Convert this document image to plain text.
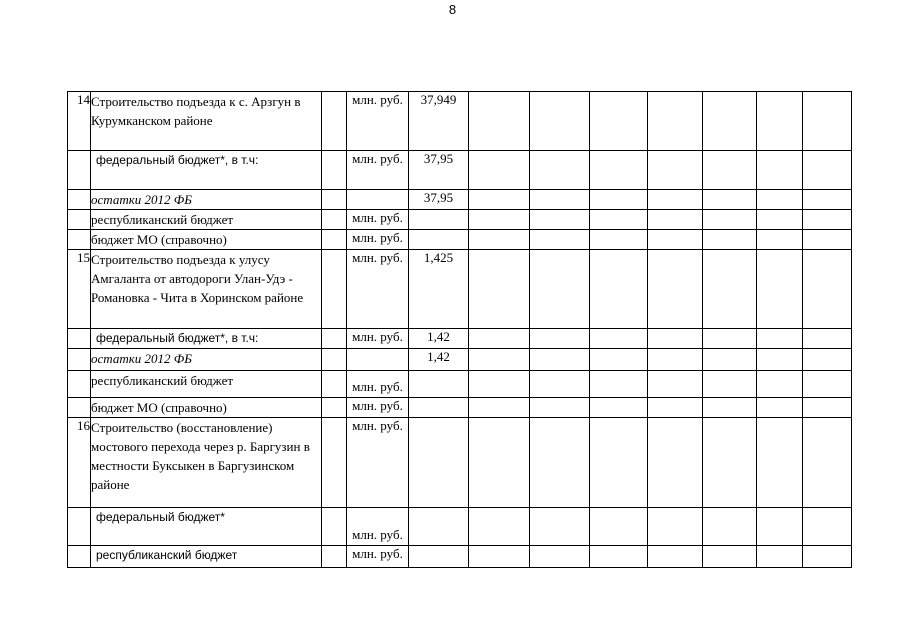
8
14	Строительство подъезда к с. Арзгун в Курумканском районе		млн. руб.	37,949							
	федеральный бюджет*, в т.ч:		млн. руб.	37,95							
	остатки 2012 ФБ			37,95							
	республиканский бюджет		млн. руб.								
	бюджет МО (справочно)		млн. руб.								
15	Строительство подъезда к улусу Амгаланта от автодороги Улан-Удэ - Романовка - Чита в Хоринском районе		млн. руб.	1,425							
	федеральный бюджет*, в т.ч:		млн. руб.	1,42							
	остатки 2012 ФБ			1,42							
	республиканский бюджет		млн. руб.								
	бюджет МО (справочно)		млн. руб.								
16	Строительство (восстановление) мостового перехода через р. Баргузин в местности Буксыкен в Баргузинском районе		млн. руб.								
	федеральный бюджет*		млн. руб.								
	республиканский бюджет		млн. руб.								
